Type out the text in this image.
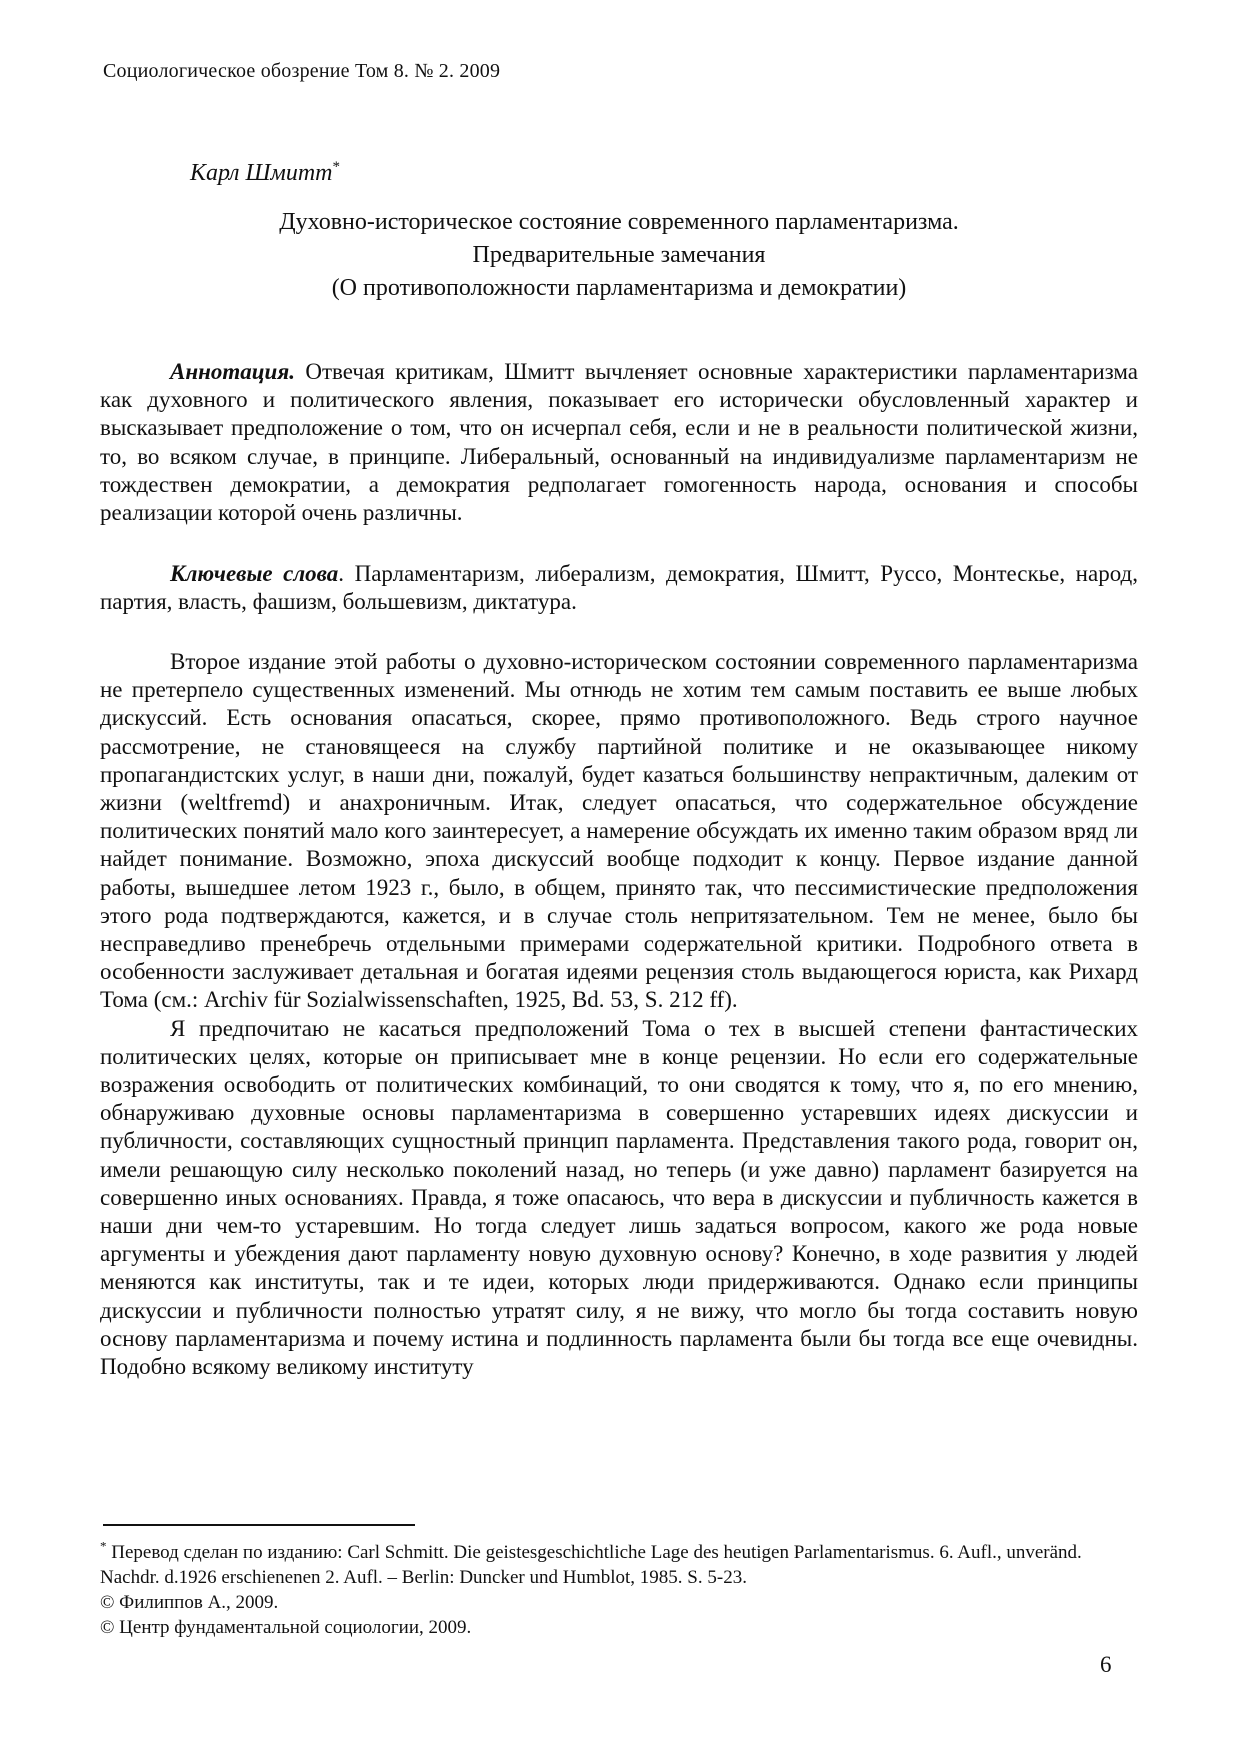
Социологическое обозрение Том 8. № 2. 2009
Карл Шмитт*
Духовно-историческое состояние современного парламентаризма.
Предварительные замечания
(О противоположности парламентаризма и демократии)

Аннотация. Отвечая критикам, Шмитт вычленяет основные характеристики парламентаризма как духовного и политического явления, показывает его исторически обусловленный характер и высказывает предположение о том, что он исчерпал себя, если и не в реальности политической жизни, то, во всяком случае, в принципе. Либеральный, основанный на индивидуализме парламентаризм не тождествен демократии, а демократия редполагает гомогенность народа, основания и способы реализации которой очень различны.

Ключевые слова. Парламентаризм, либерализм, демократия, Шмитт, Руссо, Монтескье, народ, партия, власть, фашизм, большевизм, диктатура.

Второе издание этой работы о духовно-историческом состоянии современного парламентаризма не претерпело существенных изменений. Мы отнюдь не хотим тем самым поставить ее выше любых дискуссий. Есть основания опасаться, скорее, прямо противоположного. Ведь строго научное рассмотрение, не становящееся на службу партийной политике и не оказывающее никому пропагандистских услуг, в наши дни, пожалуй, будет казаться большинству непрактичным, далеким от жизни (weltfremd) и анахроничным. Итак, следует опасаться, что содержательное обсуждение политических понятий мало кого заинтересует, а намерение обсуждать их именно таким образом вряд ли найдет понимание. Возможно, эпоха дискуссий вообще подходит к концу. Первое издание данной работы, вышедшее летом 1923 г., было, в общем, принято так, что пессимистические предположения этого рода подтверждаются, кажется, и в случае столь непритязательном. Тем не менее, было бы несправедливо пренебречь отдельными примерами содержательной критики. Подробного ответа в особенности заслуживает детальная и богатая идеями рецензия столь выдающегося юриста, как Рихард Тома (см.: Archiv für Sozialwissenschaften, 1925, Bd. 53, S. 212 ff).

Я предпочитаю не касаться предположений Тома о тех в высшей степени фантастических политических целях, которые он приписывает мне в конце рецензии. Но если его содержательные возражения освободить от политических комбинаций, то они сводятся к тому, что я, по его мнению, обнаруживаю духовные основы парламентаризма в совершенно устаревших идеях дискуссии и публичности, составляющих сущностный принцип парламента. Представления такого рода, говорит он, имели решающую силу несколько поколений назад, но теперь (и уже давно) парламент базируется на совершенно иных основаниях. Правда, я тоже опасаюсь, что вера в дискуссии и публичность кажется в наши дни чем-то устаревшим. Но тогда следует лишь задаться вопросом, какого же рода новые аргументы и убеждения дают парламенту новую духовную основу? Конечно, в ходе развития у людей меняются как институты, так и те идеи, которых люди придерживаются. Однако если принципы дискуссии и публичности полностью утратят силу, я не вижу, что могло бы тогда составить новую основу парламентаризма и почему истина и подлинность парламента были бы тогда все еще очевидны. Подобно всякому великому институту

* Перевод сделан по изданию: Carl Schmitt. Die geistesgeschichtliche Lage des heutigen Parlamentarismus. 6. Aufl., unveränd. Nachdr. d.1926 erschienenen 2. Aufl. – Berlin: Duncker und Humblot, 1985. S. 5-23.
© Филиппов А., 2009.
© Центр фундаментальной социологии, 2009.
6
